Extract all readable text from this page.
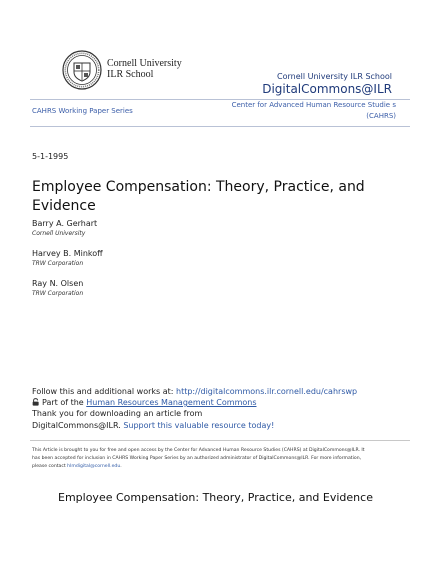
Cornell University
ILR School	Cornell University ILR School
DigitalCommons@ILR
CAHRS Working Paper Series
Center for Advanced Human Resource Studie s
(CAHRS)
5-1-1995
Employee Compensation: Theory, Practice, and Evidence
Barry A. Gerhart
Cornell University
Harvey B. Minkoff
TRW Corporation
Ray N. Olsen
TRW Corporation
Follow this and additional works at: http://digitalcommons.ilr.cornell.edu/cahrswp
Part of the Human Resources Management Commons
Thank you for downloading an article from
DigitalCommons@ILR. Support this valuable resource today!
This Article is brought to you for free and open access by the Center for Advanced Human Resource Studies (CAHRS) at DigitalCommons@ILR. It has been accepted for inclusion in CAHRS Working Paper Series by an authorized administrator of DigitalCommons@ILR. For more information, please contact hlmdigital@cornell.edu.
Employee Compensation: Theory, Practice, and Evidence
